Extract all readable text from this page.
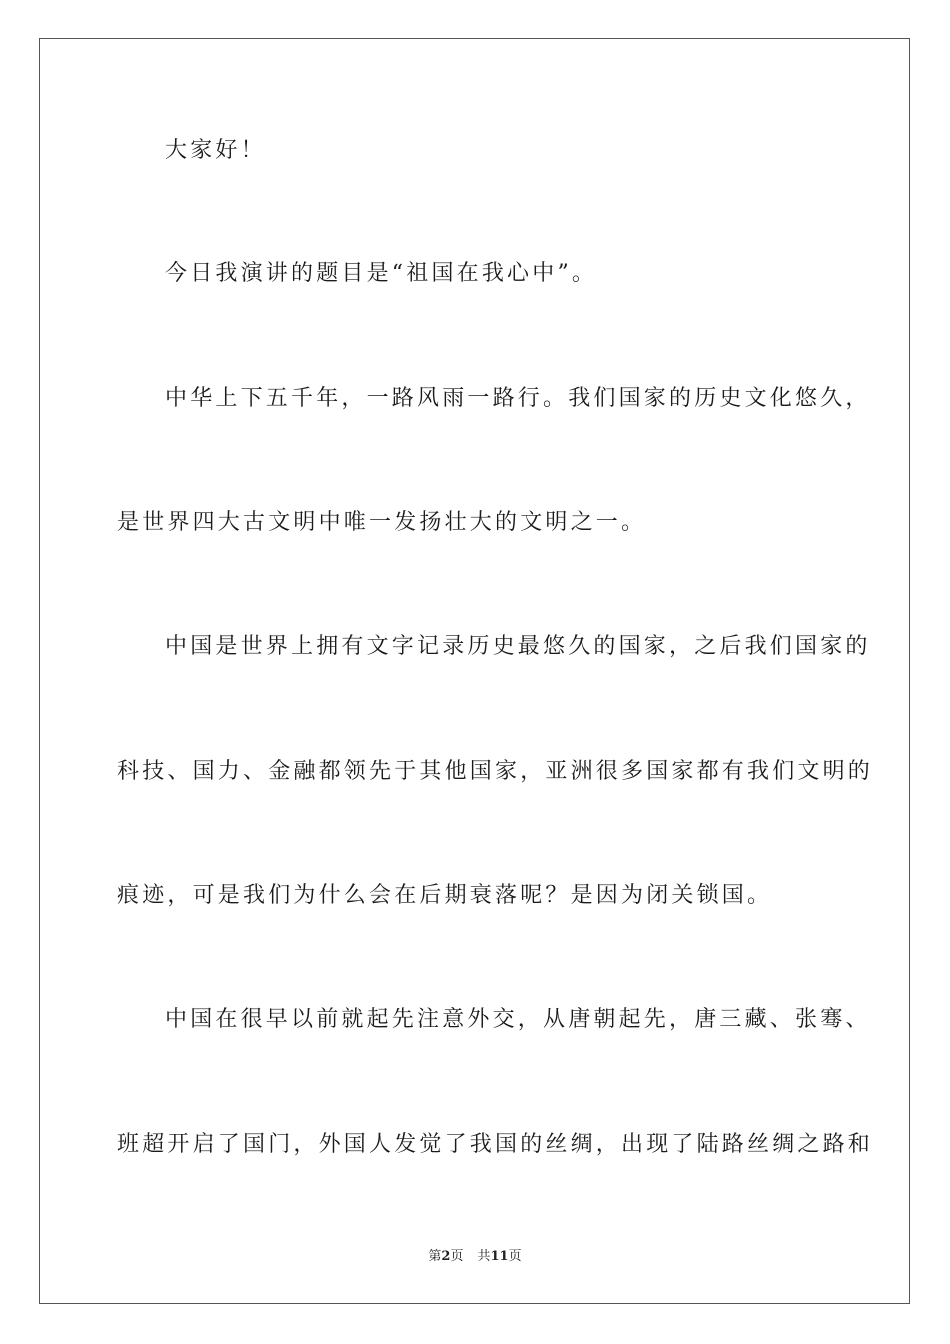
大家好！
今日我演讲的题目是“祖国在我心中”。
中华上下五千年，一路风雨一路行。我们国家的历史文化悠久，
是世界四大古文明中唯一发扬壮大的文明之一。
中国是世界上拥有文字记录历史最悠久的国家，之后我们国家的
科技、国力、金融都领先于其他国家，亚洲很多国家都有我们文明的
痕迹，可是我们为什么会在后期衰落呢？是因为闭关锁国。
中国在很早以前就起先注意外交，从唐朝起先，唐三藏、张骞、
班超开启了国门，外国人发觉了我国的丝绸，出现了陆路丝绸之路和
第2页 共11页
